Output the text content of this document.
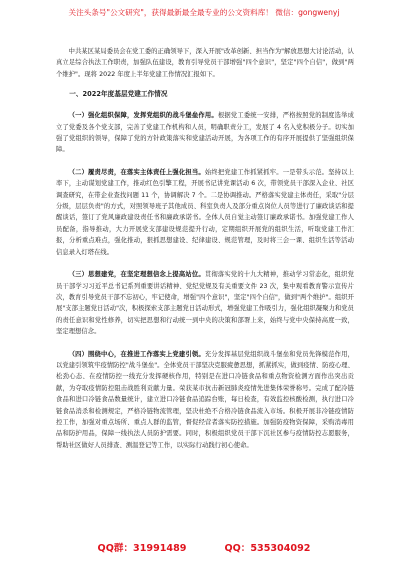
关注头条号"公文研究"，获得最新最全最专业的公文资料库！ 微信：gongwenyj

中共某区某局委员会在党工委的正确领导下，深入开展"改革创新、担当作为"解放思想大讨论活动，认真立足综合执法工作职责，加强队伍建设，教育引导党员干部增强"四个意识"，坚定"四个自信"，做到"两个维护"。现将 2022 年度上半年党建工作情况汇报如下。

一、2022年度基层党建工作情况

（一）强化组织保障，发挥党组织的战斗堡垒作用。根据党工委统一安排，严格按照党的制度选举成立了党委及各个党支部，完善了党建工作机构和人员，明确职责分工，发展了 4 名入党积极分子。切实加强了党组织的领导，保障了党的方针政策落实和党建活动开展，为各项工作的有序开展提供了坚强组织保障。

（二）履责尽责，在落实主体责任上强化担当。始终把党建工作抓紧抓牢。一是带头示范。坚持以上率下，主动谋划党建工作，推动红色引擎工程，开展书记讲党课活动 6 次，带领党员干部深入企业、社区调查研究，在带企业查找问题 11 个，协调解决 7 个。二是协调推动。严格落实党建主体责任，采取"分层分级，层层负责"的方式，对照领导班子其他成员、科室负责人及部分重点岗位人员等进行了廉政谈话和提醒谈话，签订了党风廉政建设责任书和廉政承诺书。全体人员自觉主动签订廉政承诺书。加强党建工作人员配备，指导推动，大力开展党支部建设规范提升行动，定期组织开展党的组织生活，听取党建工作汇报，分析重点难点，强化推动，狠抓思想建设、纪律建设、规范管理，及时将三会一课、组织生活等活动信息录入灯塔在线。

（三）思想建党，在坚定理想信念上提高站位。贯彻落实党的十九大精神，推动学习常态化，组织党员干部学习习近平总书记系列重要讲话精神、党纪党规及有关重要文件 23 次，集中观看教育警示宣传片次，教育引导党员干部不忘初心，牢记使命，增强"四个意识"，坚定"四个自信"，做到"两个维护"。组织开展"支部主题党日活动"次，积极探索支部主题党日活动形式，增强党建工作吸引力，强化组织凝聚力和党员的责任意识和党性修养，切实把思想和行动统一到中央的决策和部署上来，始终与党中央保持高度一致，坚定理想信念。

（四）围绕中心，在推进工作落实上党建引领。充分发挥基层党组织战斗堡垒和党员先锋模范作用，以党建引领筑牢疫情防控"战斗堡垒"。全体党员干部坚决克服疲惫思想，抓紧抓实，做到疫情、防疫心理、松劲心态、在疫情防控一线充分发挥硬核作用，特别是在进口冷链食品和重点物资检测方面作出突出贡献，为夺取疫情防控阻击战胜利贡献力量。荣获某市抗击新冠肺炎疫情先进集体荣誉称号。完成了配冷链食品和进口冷链食品数量统计，建立进口冷链食品追踪台账，每日检查，有效监控核酸检测，执行进口冷链食品消杀和检测规定，严格冷链物流管理，坚决杜绝不合格冷链食品流入市场。积极开展非冷链疫情防控工作，加强对重点场所、重点人群的监管，督促经营者落实防控措施。加强防疫物资保障，采购消毒用品和防护用品，保障一线执法人员防护需要。同时，积极组织党员干部下沉社区参与疫情防控志愿服务，帮助社区做好人员排查、测温登记等工作，以实际行动践行初心使命。

QQ群：31991489	QQ：535304092
